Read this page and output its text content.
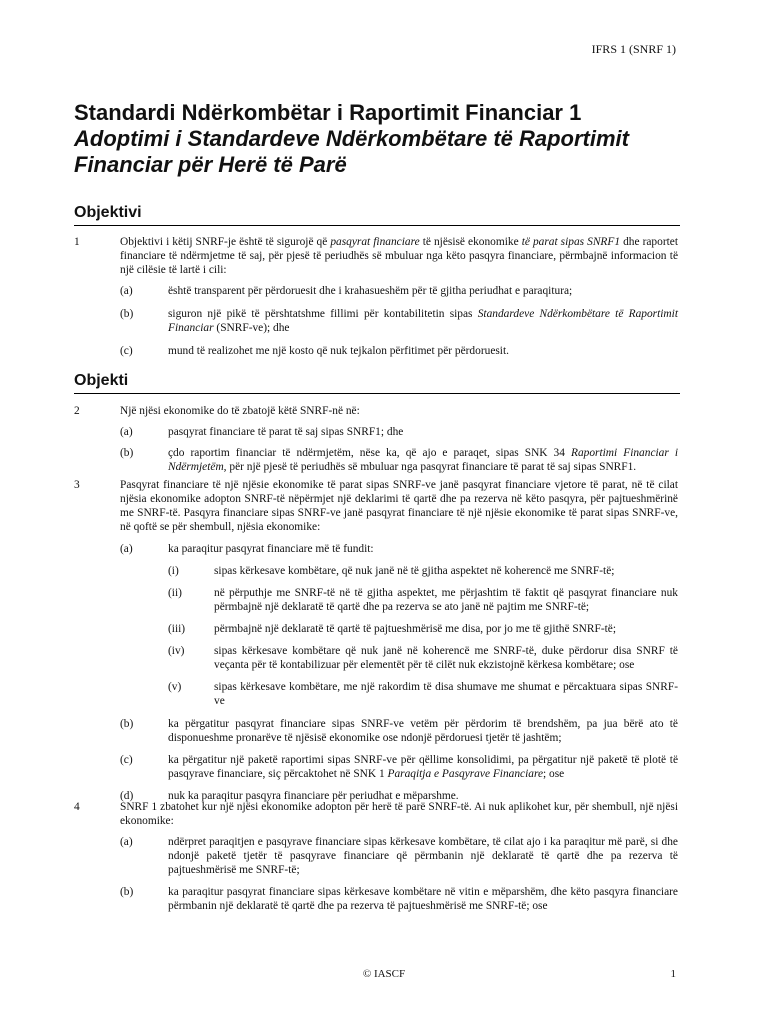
IFRS 1 (SNRF 1)
Standardi Ndërkombëtar i Raportimit Financiar 1
Adoptimi i Standardeve Ndërkombëtare të Raportimit Financiar për Herë të Parë
Objektivi
1	Objektivi i këtij SNRF-je është të sigurojë që pasqyrat financiare të njësisë ekonomike të parat sipas SNRF1 dhe raportet financiare të ndërmjetme të saj, për pjesë të periudhës së mbuluar nga këto pasqyra financiare, përmbajnë informacion të një cilësie të lartë i cili:
(a)	është transparent për përdoruesit dhe i krahasueshëm për të gjitha periudhat e paraqitura;
(b)	siguron një pikë të përshtatshme fillimi për kontabilitetin sipas Standardeve Ndërkombëtare të Raportimit Financiar (SNRF-ve); dhe
(c)	mund të realizohet me një kosto që nuk tejkalon përfitimet për përdoruesit.
Objekti
2	Një njësi ekonomike do të zbatojë këtë SNRF-në në:
(a)	pasqyrat financiare të parat të saj sipas SNRF1; dhe
(b)	çdo raportim financiar të ndërmjetëm, nëse ka, që ajo e paraqet, sipas SNK 34 Raportimi Financiar i Ndërmjetëm, për një pjesë të periudhës së mbuluar nga pasqyrat financiare të parat të saj sipas SNRF1.
3	Pasqyrat financiare të një njësie ekonomike të parat sipas SNRF-ve janë pasqyrat financiare vjetore të parat, në të cilat njësia ekonomike adopton SNRF-të nëpërmjet një deklarimi të qartë dhe pa rezerva në këto pasqyra, për pajtueshmërinë me SNRF-të. Pasqyra financiare sipas SNRF-ve janë pasqyrat financiare të një njësie ekonomike të parat sipas SNRF-ve, në qoftë se për shembull, njësia ekonomike:
(a)	ka paraqitur pasqyrat financiare më të fundit:
(i)	sipas kërkesave kombëtare, që nuk janë në të gjitha aspektet në koherencë me SNRF-të;
(ii)	në përputhje me SNRF-të në të gjitha aspektet, me përjashtim të faktit që pasqyrat financiare nuk përmbajnë një deklaratë të qartë dhe pa rezerva se ato janë në pajtim me SNRF-të;
(iii)	përmbajnë një deklaratë të qartë të pajtueshmërisë me disa, por jo me të gjithë SNRF-të;
(iv)	sipas kërkesave kombëtare që nuk janë në koherencë me SNRF-të, duke përdorur disa SNRF të veçanta për të kontabilizuar për elementët për të cilët nuk ekzistojnë kërkesa kombëtare; ose
(v)	sipas kërkesave kombëtare, me një rakordim të disa shumave me shumat e përcaktuara sipas SNRF-ve
(b)	ka përgatitur pasqyrat financiare sipas SNRF-ve vetëm për përdorim të brendshëm, pa jua bërë ato të disponueshme pronarëve të njësisë ekonomike ose ndonjë përdoruesi tjetër të jashtëm;
(c)	ka përgatitur një paketë raportimi sipas SNRF-ve për qëllime konsolidimi, pa përgatitur një paketë të plotë të pasqyrave financiare, siç përcaktohet në SNK 1 Paraqitja e Pasqyrave Financiare; ose
(d)	nuk ka paraqitur pasqyra financiare për periudhat e mëparshme.
4	SNRF 1 zbatohet kur një njësi ekonomike adopton për herë të parë SNRF-të. Ai nuk aplikohet kur, për shembull, një njësi ekonomike:
(a)	ndërpret paraqitjen e pasqyrave financiare sipas kërkesave kombëtare, të cilat ajo i ka paraqitur më parë, si dhe ndonjë paketë tjetër të pasqyrave financiare që përmbanin një deklaratë të qartë dhe pa rezerva të pajtueshmërisë me SNRF-të;
(b)	ka paraqitur pasqyrat financiare sipas kërkesave kombëtare në vitin e mëparshëm, dhe këto pasqyra financiare përmbanin një deklaratë të qartë dhe pa rezerva të pajtueshmërisë me SNRF-të; ose
© IASCF	1
